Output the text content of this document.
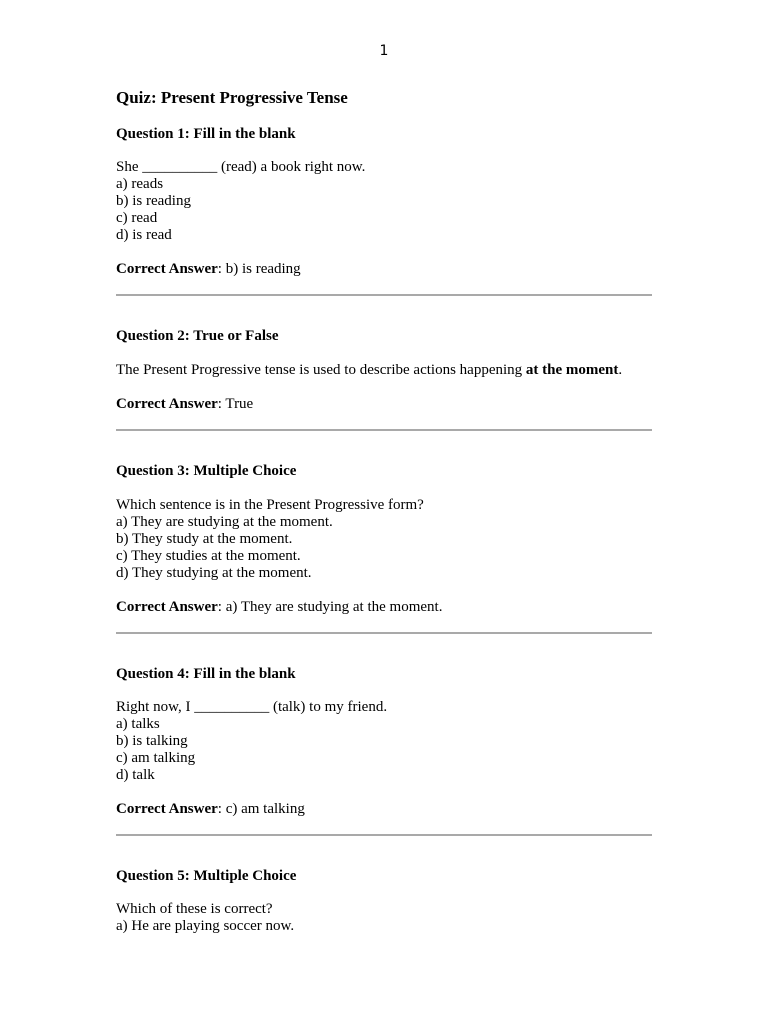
1
Quiz: Present Progressive Tense
Question 1: Fill in the blank
She __________ (read) a book right now.
a) reads
b) is reading
c) read
d) is read
Correct Answer: b) is reading
Question 2: True or False
The Present Progressive tense is used to describe actions happening at the moment.
Correct Answer: True
Question 3: Multiple Choice
Which sentence is in the Present Progressive form?
a) They are studying at the moment.
b) They study at the moment.
c) They studies at the moment.
d) They studying at the moment.
Correct Answer: a) They are studying at the moment.
Question 4: Fill in the blank
Right now, I __________ (talk) to my friend.
a) talks
b) is talking
c) am talking
d) talk
Correct Answer: c) am talking
Question 5: Multiple Choice
Which of these is correct?
a) He are playing soccer now.
